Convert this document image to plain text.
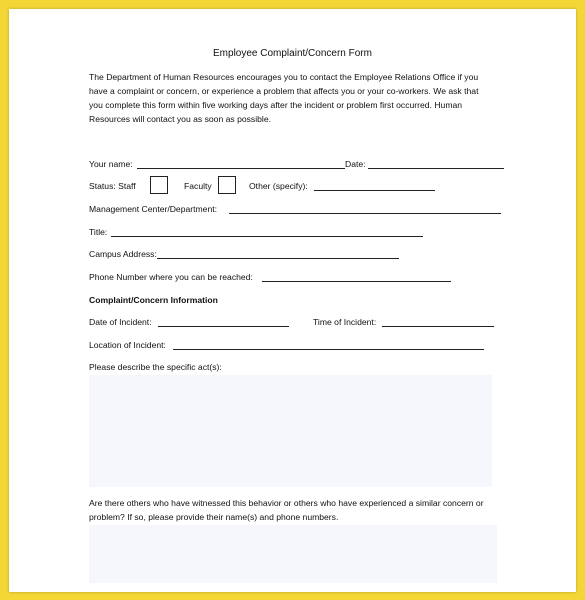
Employee Complaint/Concern Form
The Department of Human Resources encourages you to contact the Employee Relations Office if you
have a complaint or concern, or experience a problem that affects you or your co-workers. We ask that
you complete this form within five working days after the incident or problem first occurred. Human
Resources will contact you as soon as possible.
Your name:	Date:
Status: Staff	Faculty	Other (specify):
Management Center/Department:
Title:
Campus Address:
Phone Number where you can be reached:
Complaint/Concern Information
Date of Incident:	Time of Incident:
Location of Incident:
Please describe the specific act(s):
Are there others who have witnessed this behavior or others who have experienced a similar concern or
problem? If so, please provide their name(s) and phone numbers.
